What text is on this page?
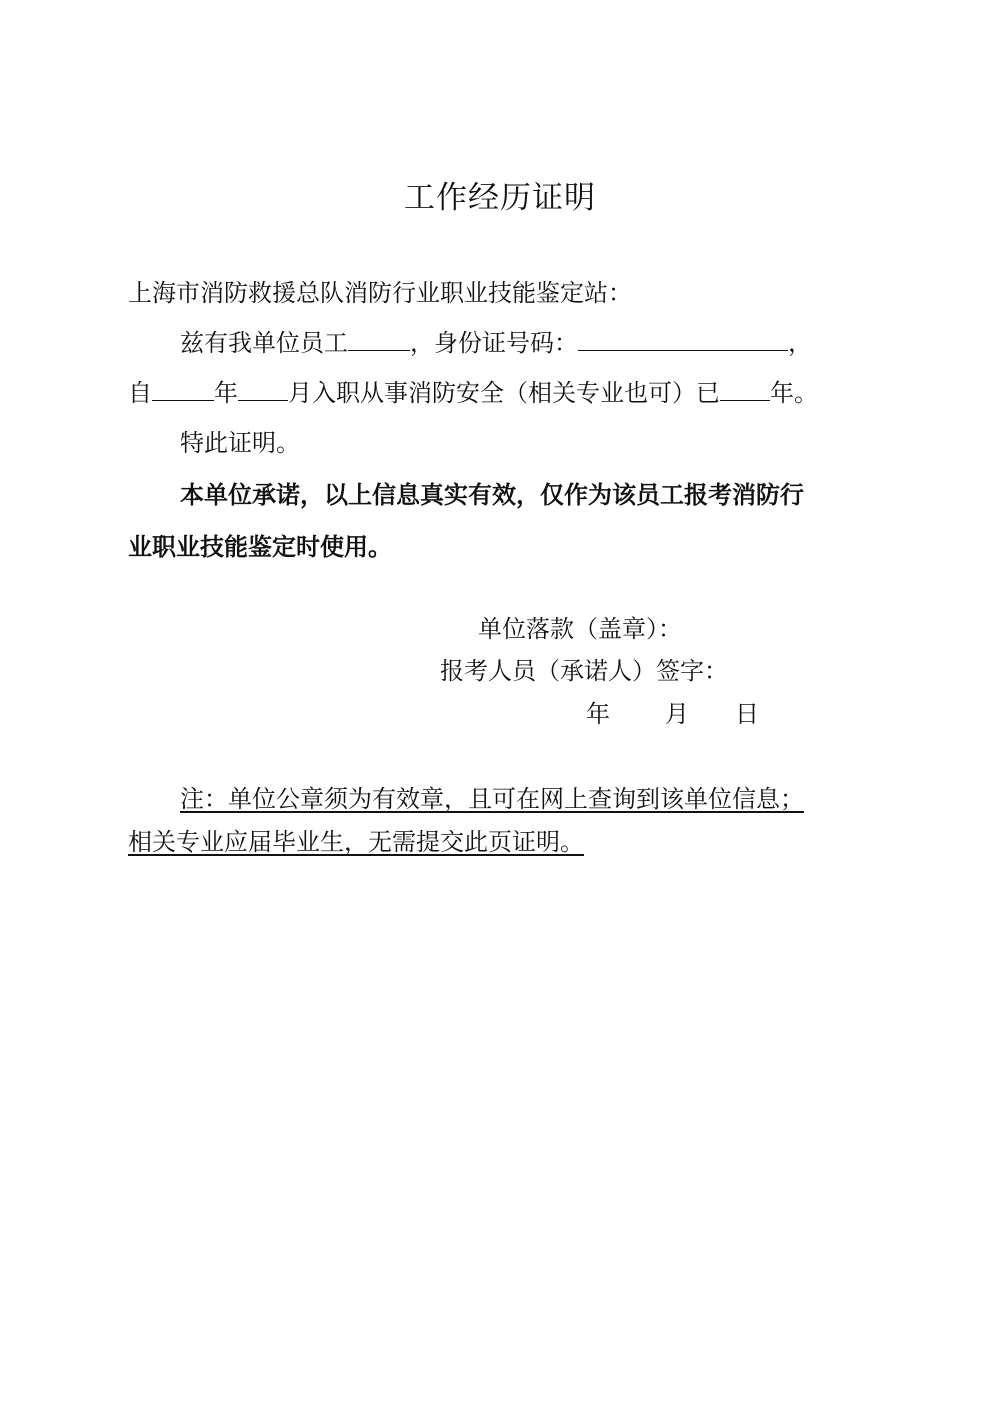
工作经历证明
上海市消防救援总队消防行业职业技能鉴定站：
兹有我单位员工	，身份证号码：	，
自	年 月入职从事消防安全（相关专业也可）已 年。
特此证明。
本单位承诺，以上信息真实有效，仅作为该员工报考消防行
业职业技能鉴定时使用。
单位落款（盖章）：
报考人员（承诺人）签字：
年 月 日
注：单位公章须为有效章，且可在网上查询到该单位信息；
相关专业应届毕业生，无需提交此页证明。
